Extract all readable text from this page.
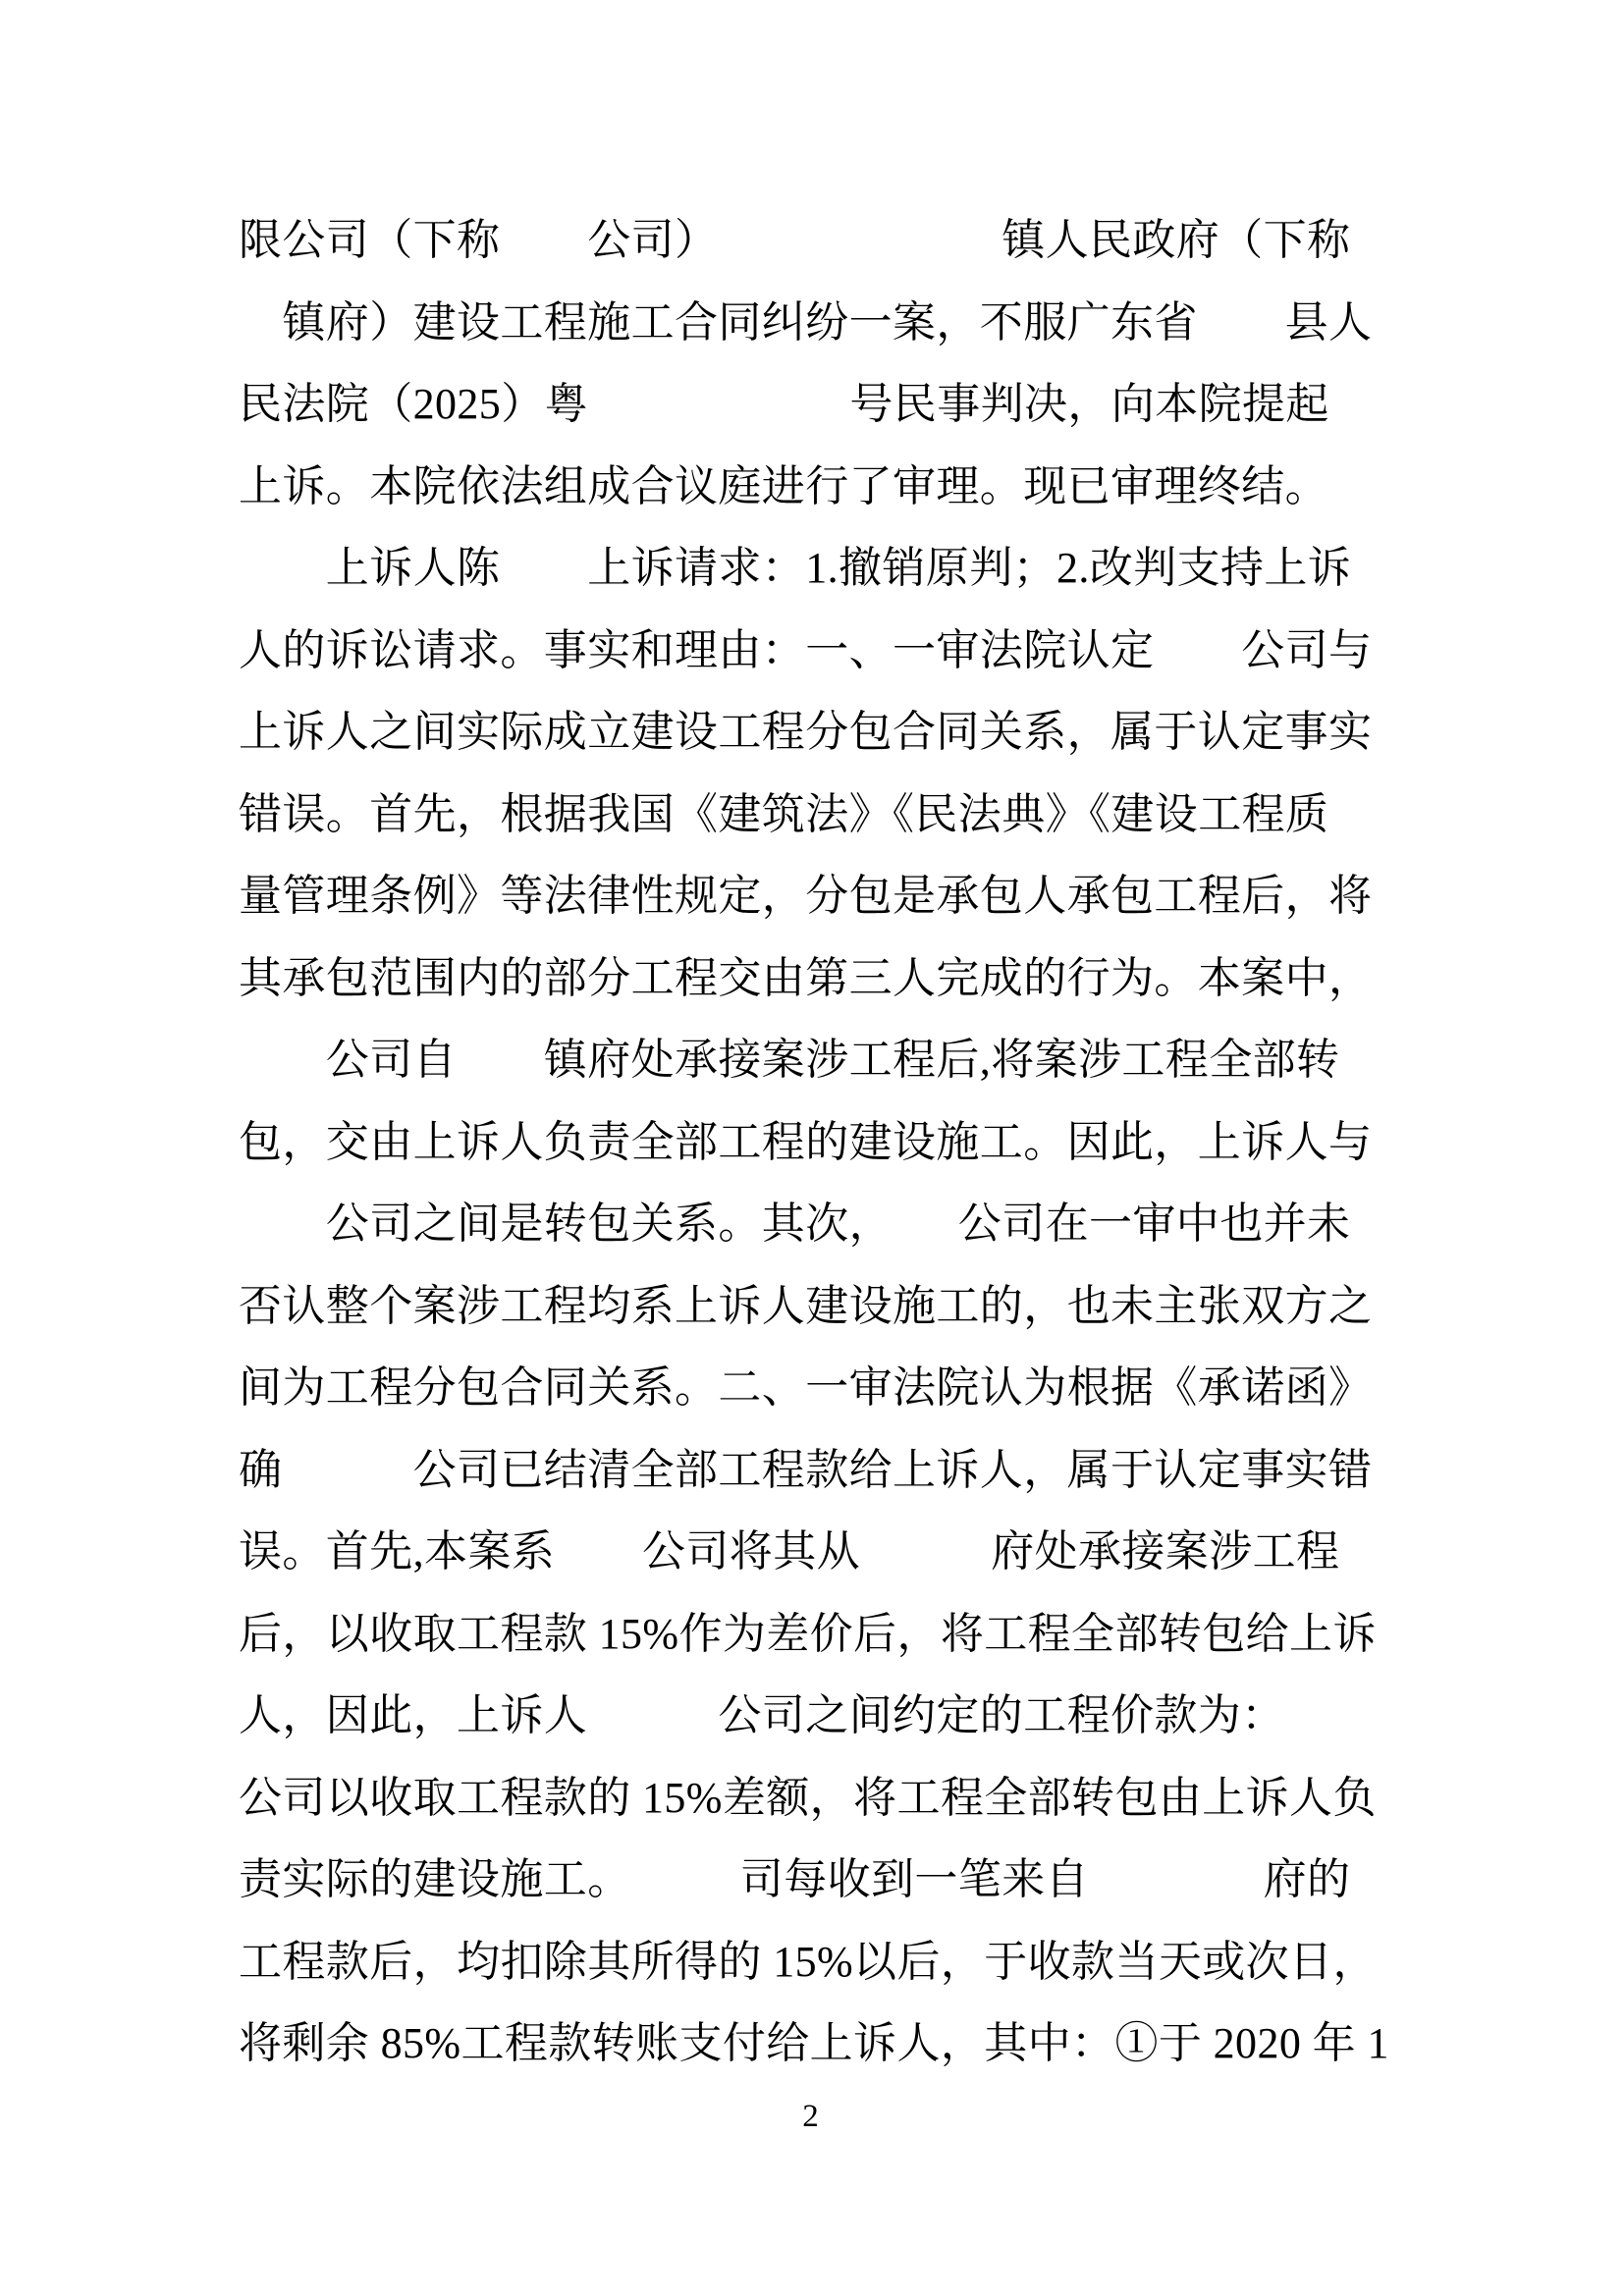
限公司（下称　　公司）　　　　　　　镇人民政府（下称
　镇府）建设工程施工合同纠纷一案，不服广东省　　县人
民法院（2025）粤　　　　　　号民事判决，向本院提起
上诉。本院依法组成合议庭进行了审理。现已审理终结。
　　上诉人陈　　上诉请求：1.撤销原判；2.改判支持上诉
人的诉讼请求。事实和理由：一、一审法院认定　　公司与
上诉人之间实际成立建设工程分包合同关系，属于认定事实
错误。首先，根据我国《建筑法》《民法典》《建设工程质
量管理条例》等法律性规定，分包是承包人承包工程后，将
其承包范围内的部分工程交由第三人完成的行为。本案中，
　　公司自　　镇府处承接案涉工程后,将案涉工程全部转
包，交由上诉人负责全部工程的建设施工。因此，上诉人与
　　公司之间是转包关系。其次，　　公司在一审中也并未
否认整个案涉工程均系上诉人建设施工的，也未主张双方之
间为工程分包合同关系。二、一审法院认为根据《承诺函》
确　　　公司已结清全部工程款给上诉人，属于认定事实错
误。首先,本案系　　公司将其从　　　府处承接案涉工程
后，以收取工程款 15%作为差价后，将工程全部转包给上诉
人，因此，上诉人　　　公司之间约定的工程价款为：
公司以收取工程款的 15%差额，将工程全部转包由上诉人负
责实际的建设施工。　　　司每收到一笔来自　　　　府的
工程款后，均扣除其所得的 15%以后，于收款当天或次日，
将剩余 85%工程款转账支付给上诉人，其中：①于 2020 年 1
2
